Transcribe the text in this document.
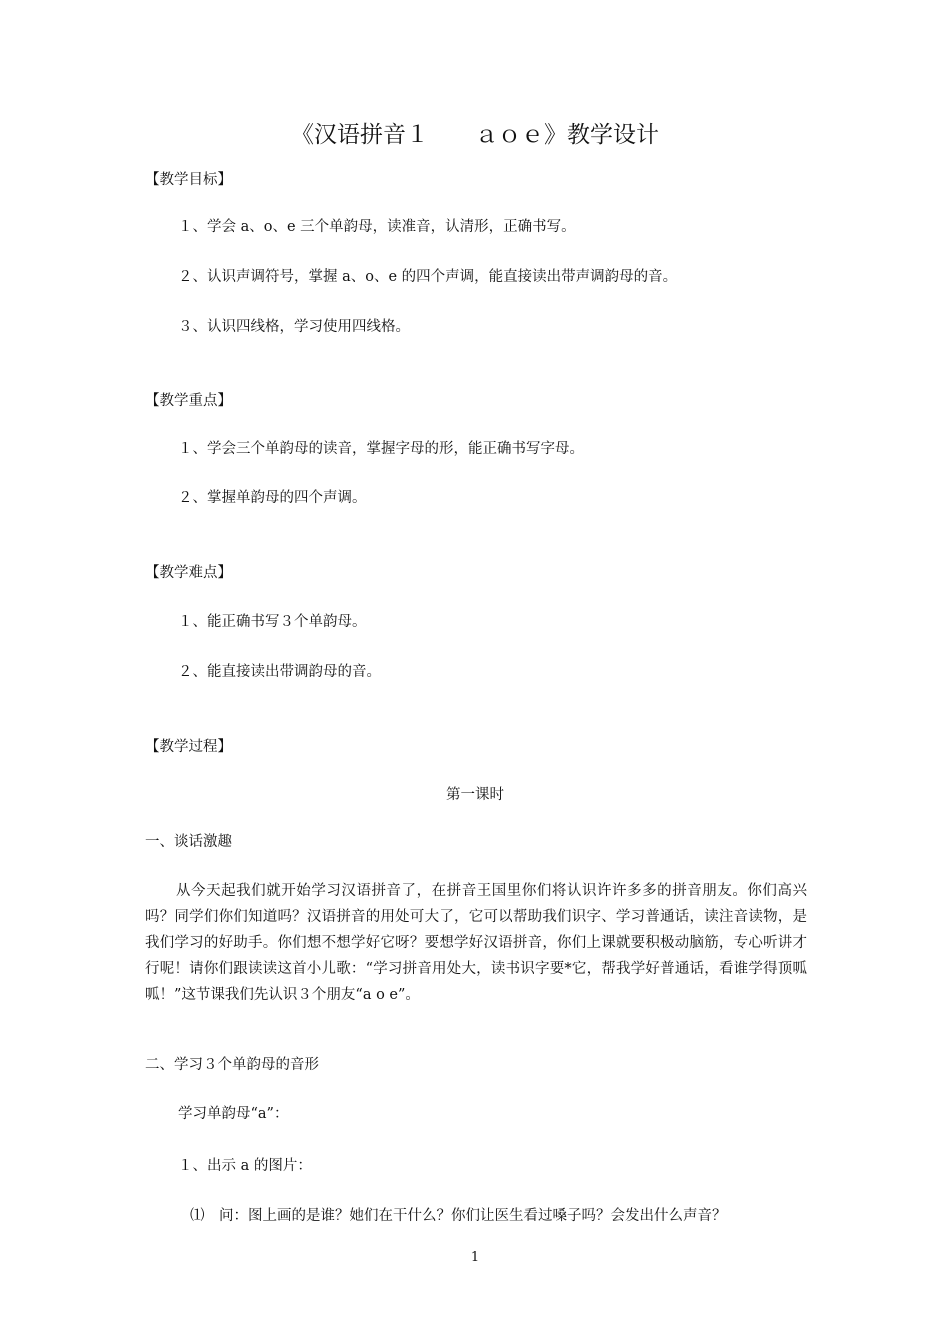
《汉语拼音１　　ａｏｅ》教学设计
【教学目标】
１、学会 a、o、e 三个单韵母，读准音，认清形，正确书写。
２、认识声调符号，掌握 a、o、e 的四个声调，能直接读出带声调韵母的音。
３、认识四线格，学习使用四线格。
【教学重点】
１、学会三个单韵母的读音，掌握字母的形，能正确书写字母。
２、掌握单韵母的四个声调。
【教学难点】
１、能正确书写３个单韵母。
２、能直接读出带调韵母的音。
【教学过程】
第一课时
一、谈话激趣
从今天起我们就开始学习汉语拼音了，在拼音王国里你们将认识许许多多的拼音朋友。你们高兴吗？同学们你们知道吗？汉语拼音的用处可大了，它可以帮助我们识字、学习普通话，读注音读物，是我们学习的好助手。你们想不想学好它呀？要想学好汉语拼音，你们上课就要积极动脑筋，专心听讲才行呢！请你们跟读读这首小儿歌：“学习拼音用处大，读书识字要*它，帮我学好普通话，看谁学得顶呱呱！”这节课我们先认识３个朋友“a o e”。
二、学习３个单韵母的音形
学习单韵母“a”：
１、出示 a 的图片：
⑴　问：图上画的是谁？她们在干什么？你们让医生看过嗓子吗？会发出什么声音？
1
